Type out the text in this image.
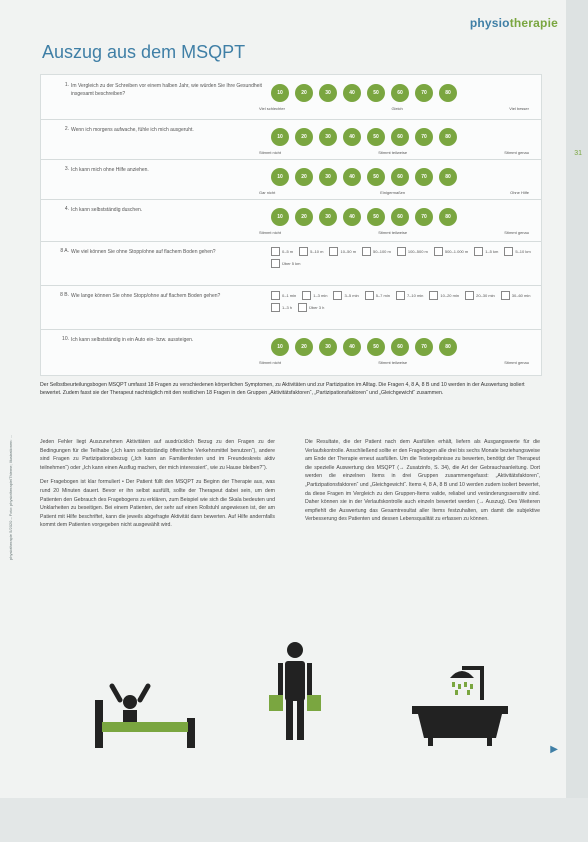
31
physiotherapie
Auszug aus dem MSQPT
1. Im Vergleich zu der Schreiben vor einem halben Jahr, wie würden Sie Ihre Gesundheit insgesamt beschreiben?	10	20	30	40	50	60	70	80
Viel schlechter	Gleich	Viel besser
2. Wenn ich morgens aufwache, fühle ich mich ausgeruht.
10	20	30	40	50	60	70	80
Stimmt nicht	Stimmt teilweise	Stimmt genau
3. Ich kann mich ohne Hilfe anziehen.
10	20	30	40	50	60	70	80
Gar nicht	Einigermaßen	Ohne Hilfe
4. Ich kann selbstständig duschen.
10	20	30	40	50	60	70	80
Stimmt nicht	Stimmt teilweise	Stimmt genau
8 A. Wie viel können Sie ohne Stopp/ohne auf flachem Boden gehen?	0–5 m	5–10 m	10–50 m	50–100 m	100–500 m	500–1.000 m	1–5 km	5–10 km
Über 5 km
8 B. Wie lange können Sie ohne Stopp/ohne auf flachem Boden gehen?	0–1 min	1–3 min	3–5 min	5–7 min	7–10 min	10–20 min	20–30 min	30–60 min
1–3 h	Über 3 h
10. Ich kann selbstständig in ein Auto ein- bzw. aussteigen.
10	20	30	40	50	60	70	80
Stimmt nicht	Stimmt teilweise	Stimmt genau
Der Selbstbeurteilungsbogen MSQPT umfasst 18 Fragen zu verschiedenen körperlichen Symptomen, zu Aktivitäten und zur Partizipation im Alltag. Die Fragen 4, 8 A, 8 B und 10 werden in der Auswertung isoliert bewertet. Zudem fasst sie der Therapeut nachträglich mit den restlichen 18 Fragen in den Gruppen „Aktivitätsfaktoren“, „Partizipationsfaktoren“ und „Gleichgewicht“ zusammen.

Jeden Fehler liegt Auszunehmen Aktivitäten auf ausdrücklich Bezug zu den Fragen zu der Bedingungen für die Teilhabe („Ich kann selbstständig öffentliche Verkehrsmittel benutzen“), andere sind Fragen zu Partizipationsbezug („Ich kann an Familienfesten und im Freundeskreis aktiv teilnehmen“) oder „Ich kann einen Ausflug machen, der mich interessiert“, wie zu Hause bleiben?“).

Der Fragebogen ist klar formuliert • Der Patient füllt den MSQPT zu Beginn der Therapie aus, was rund 20 Minuten dauert. Bevor er ihn selbst ausfüllt, sollte der Therapeut dabei sein, um dem Patienten den Gebrauch des Fragebogens zu erklären, zum Beispiel wie sich die Skala bedeuten und Unklarheiten zu beseitigen. Bei einem Patienten, der sehr auf einen Rollstuhl angewiesen ist, der am Patient mit Hilfe beschriftet, kann die jeweils abgefragte Aktivität dann bewerten. Auf Hilfe andernfalls kommt dem Patienten vorgegeben nicht ausgewählt wird.

Die Resultate, die der Patient nach dem Ausfüllen erhält, liefern als Ausgangswerte für die Verlaufskontrolle. Anschließend sollte er den Fragebogen alle drei bis sechs Monate beziehungsweise am Ende der Therapie erneut ausfüllen. Um die Testergebnisse zu bewerten, benötigt der Therapeut die spezielle Auswertung des MSQPT (→ Zusatzinfo, S. 34), die Art der Gebrauchsanleitung. Dort werden die einzelnen Items in drei Gruppen zusammengefasst: „Aktivitätsfaktoren“, „Partizipationsfaktoren“ und „Gleichgewicht“. Items 4, 8 A, 8 B und 10 werden zudem isoliert bewertet, da diese Fragen im Vergleich zu den Gruppen-Items valide, reliabel und veränderungssensitiv sind. Daher können sie in der Verlaufskontrolle auch einzeln bewertet werden (→ Auszug). Des Weiteren empfiehlt die Auswertung das Gesamtresultat aller Items festzuhalten, um damit die subjektive Verbesserung des Patienten und dessen Lebensqualität zu erfassen zu können.

physiotherapie 5/2020 – Foto: physiotherapie/Thieme; Illustrationen: ...
▶
